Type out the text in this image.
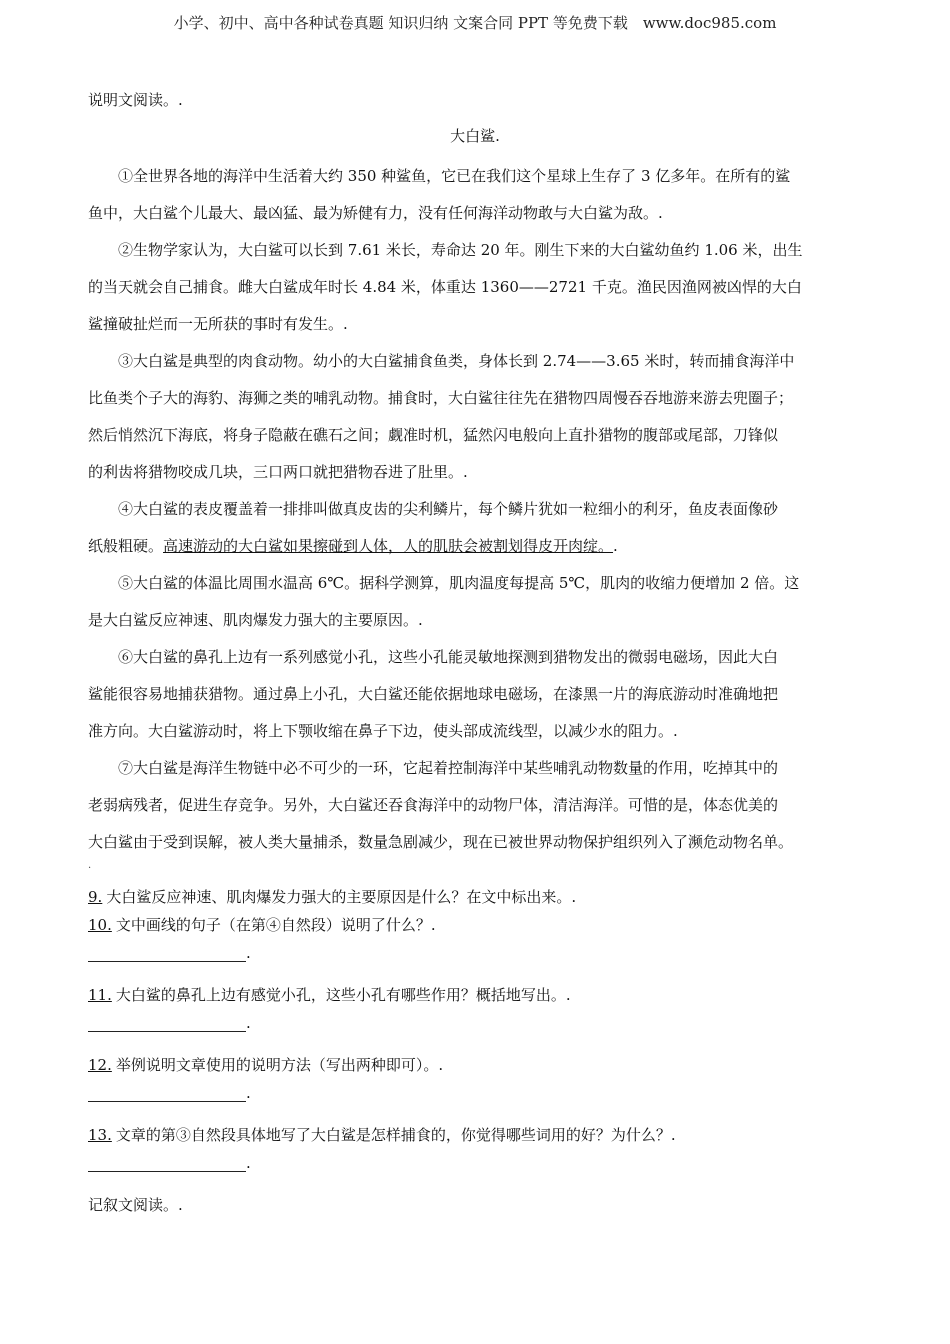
小学、初中、高中各种试卷真题 知识归纳 文案合同 PPT 等免费下载　www.doc985.com
说明文阅读。.
大白鲨.
①全世界各地的海洋中生活着大约 350 种鲨鱼，它已在我们这个星球上生存了 3 亿多年。在所有的鲨
鱼中，大白鲨个儿最大、最凶猛、最为矫健有力，没有任何海洋动物敢与大白鲨为敌。.
②生物学家认为，大白鲨可以长到 7.61 米长，寿命达 20 年。刚生下来的大白鲨幼鱼约 1.06 米，出生
的当天就会自己捕食。雌大白鲨成年时长 4.84 米，体重达 1360——2721 千克。渔民因渔网被凶悍的大白
鲨撞破扯烂而一无所获的事时有发生。.
③大白鲨是典型的肉食动物。幼小的大白鲨捕食鱼类，身体长到 2.74——3.65 米时，转而捕食海洋中
比鱼类个子大的海豹、海狮之类的哺乳动物。捕食时，大白鲨往往先在猎物四周慢吞吞地游来游去兜圈子；
然后悄然沉下海底，将身子隐蔽在礁石之间；觑准时机，猛然闪电般向上直扑猎物的腹部或尾部，刀锋似
的利齿将猎物咬成几块，三口两口就把猎物吞进了肚里。.
④大白鲨的表皮覆盖着一排排叫做真皮齿的尖利鳞片，每个鳞片犹如一粒细小的利牙，鱼皮表面像砂
纸般粗硬。高速游动的大白鲨如果擦碰到人体，人的肌肤会被割划得皮开肉绽。.
⑤大白鲨的体温比周围水温高 6℃。据科学测算，肌肉温度每提高 5℃，肌肉的收缩力便增加 2 倍。这
是大白鲨反应神速、肌肉爆发力强大的主要原因。.
⑥大白鲨的鼻孔上边有一系列感觉小孔，这些小孔能灵敏地探测到猎物发出的微弱电磁场，因此大白
鲨能很容易地捕获猎物。通过鼻上小孔，大白鲨还能依据地球电磁场，在漆黑一片的海底游动时准确地把
准方向。大白鲨游动时，将上下颚收缩在鼻子下边，使头部成流线型，以减少水的阻力。.
⑦大白鲨是海洋生物链中必不可少的一环，它起着控制海洋中某些哺乳动物数量的作用，吃掉其中的
老弱病残者，促进生存竞争。另外，大白鲨还吞食海洋中的动物尸体，清洁海洋。可惜的是，体态优美的
大白鲨由于受到误解，被人类大量捕杀，数量急剧减少，现在已被世界动物保护组织列入了濒危动物名单。
.
9. 大白鲨反应神速、肌肉爆发力强大的主要原因是什么？在文中标出来。.
10. 文中画线的句子（在第④自然段）说明了什么？.
.
11. 大白鲨的鼻孔上边有感觉小孔，这些小孔有哪些作用？概括地写出。.
.
12. 举例说明文章使用的说明方法（写出两种即可）。.
.
13. 文章的第③自然段具体地写了大白鲨是怎样捕食的，你觉得哪些词用的好？为什么？.
.
记叙文阅读。.
